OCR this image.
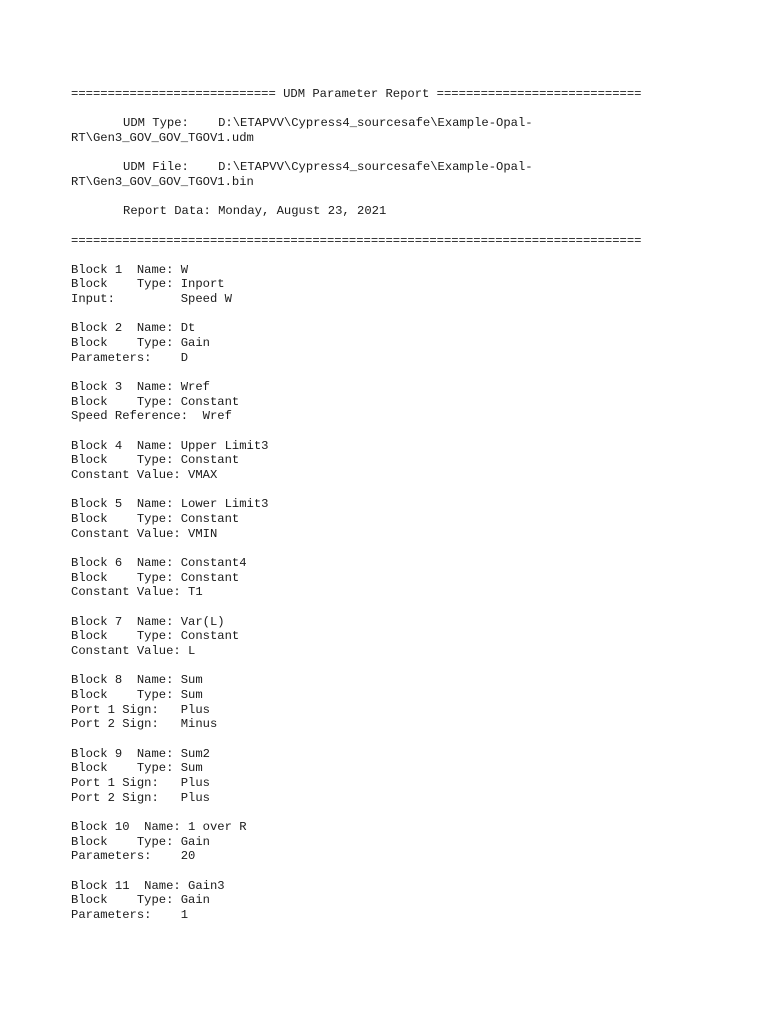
============================ UDM Parameter Report ============================
UDM Type: D:\ETAPVV\Cypress4_sourcesafe\Example-Opal-
RT\Gen3_GOV_GOV_TGOV1.udm
UDM File: D:\ETAPVV\Cypress4_sourcesafe\Example-Opal-
RT\Gen3_GOV_GOV_TGOV1.bin
Report Data: Monday, August 23, 2021
==============================================================================
Block 1  Name: W
Block    Type: Inport
Input:         Speed W
Block 2  Name: Dt
Block    Type: Gain
Parameters:    D
Block 3  Name: Wref
Block    Type: Constant
Speed Reference:  Wref
Block 4  Name: Upper Limit3
Block    Type: Constant
Constant Value: VMAX
Block 5  Name: Lower Limit3
Block    Type: Constant
Constant Value: VMIN
Block 6  Name: Constant4
Block    Type: Constant
Constant Value: T1
Block 7  Name: Var(L)
Block    Type: Constant
Constant Value: L
Block 8  Name: Sum
Block    Type: Sum
Port 1 Sign:   Plus
Port 2 Sign:   Minus
Block 9  Name: Sum2
Block    Type: Sum
Port 1 Sign:   Plus
Port 2 Sign:   Plus
Block 10  Name: 1 over R
Block    Type: Gain
Parameters:    20
Block 11  Name: Gain3
Block    Type: Gain
Parameters:    1
